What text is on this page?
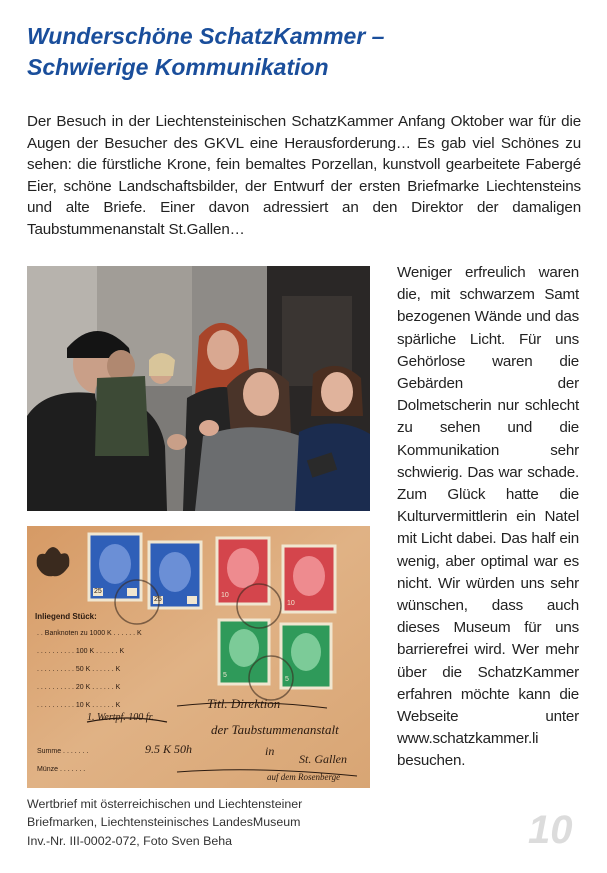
Wunderschöne SchatzKammer –
Schwierige Kommunikation

Der Besuch in der Liechtensteinischen SchatzKammer Anfang Oktober war für die Augen der Besucher des GKVL eine Herausforderung… Es gab viel Schönes zu sehen: die fürstliche Krone, fein bemaltes Porzellan, kunstvoll gearbeitete Fabergé Eier, schöne Landschaftsbilder, der Entwurf der ersten Briefmarke Liechtensteins und alte Briefe. Einer davon adressiert an den Direktor der damaligen Taubstummenanstalt St.Gallen…

Inliegend Stück:
. . Banknoten zu 1000 K . . . . . . K
. . . . . . . . . . 100 K . . . . . . K
. . . . . . . . . . 50 K . . . . . . K
. . . . . . . . . . 20 K . . . . . . K
. . . . . . . . . . 10 K . . . . . . K
1. Wertpf. 100 fr.
Titl. Direktion
der Taubstummenanstalt
in
St. Gallen
auf dem Rosenberge
Summe . . . . . . .	9.5 K 50h
Münze . . . . . . .
25
25
10
10
5
5

Weniger erfreulich waren die, mit schwarzem Samt bezogenen Wände und das spärliche Licht. Für uns Gehörlose waren die Gebärden der Dolmetscherin nur schlecht zu sehen und die Kommunikation sehr schwierig. Das war schade. Zum Glück hatte die Kulturvermittlerin ein Natel mit Licht dabei. Das half ein wenig, aber optimal war es nicht. Wir würden uns sehr wünschen, dass auch dieses Museum für uns barrierefrei wird. Wer mehr über die SchatzKammer erfahren möchte kann die Webseite unter www.schatzkammer.li besuchen.

Wertbrief mit österreichischen und Liechtensteiner
Briefmarken, Liechtensteinisches LandesMuseum
Inv.-Nr. III-0002-072, Foto Sven Beha	10
